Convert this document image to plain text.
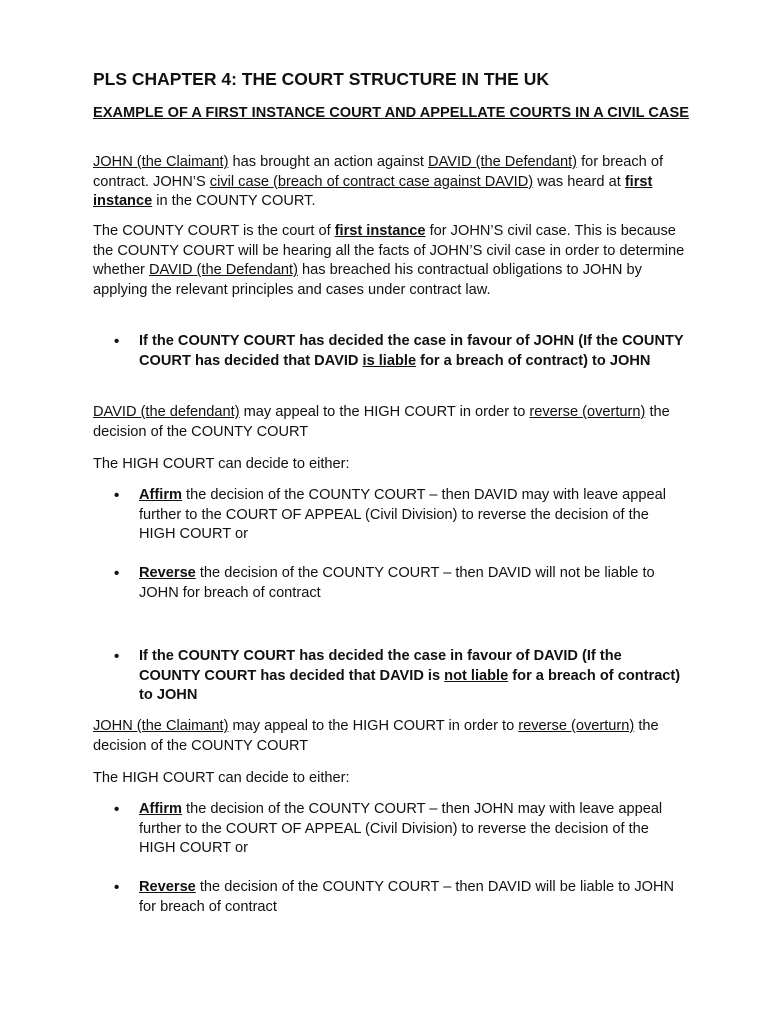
PLS CHAPTER 4: THE COURT STRUCTURE IN THE UK
EXAMPLE OF A FIRST INSTANCE COURT AND APPELLATE COURTS IN A CIVIL CASE

JOHN (the Claimant) has brought an action against DAVID (the Defendant) for breach of contract. JOHN’S civil case (breach of contract case against DAVID) was heard at first instance in the COUNTY COURT.

The COUNTY COURT is the court of first instance for JOHN’S civil case. This is because the COUNTY COURT will be hearing all the facts of JOHN’S civil case in order to determine whether DAVID (the Defendant) has breached his contractual obligations to JOHN by applying the relevant principles and cases under contract law.

• If the COUNTY COURT has decided the case in favour of JOHN (If the COUNTY COURT has decided that DAVID is liable for a breach of contract) to JOHN

DAVID (the defendant) may appeal to the HIGH COURT in order to reverse (overturn) the decision of the COUNTY COURT

The HIGH COURT can decide to either:

• Affirm the decision of the COUNTY COURT – then DAVID may with leave appeal further to the COURT OF APPEAL (Civil Division) to reverse the decision of the HIGH COURT or

• Reverse the decision of the COUNTY COURT – then DAVID will not be liable to JOHN for breach of contract

• If the COUNTY COURT has decided the case in favour of DAVID (If the COUNTY COURT has decided that DAVID is not liable for a breach of contract) to JOHN

JOHN (the Claimant) may appeal to the HIGH COURT in order to reverse (overturn) the decision of the COUNTY COURT

The HIGH COURT can decide to either:

• Affirm the decision of the COUNTY COURT – then JOHN may with leave appeal further to the COURT OF APPEAL (Civil Division) to reverse the decision of the HIGH COURT or

• Reverse the decision of the COUNTY COURT – then DAVID will be liable to JOHN for breach of contract
